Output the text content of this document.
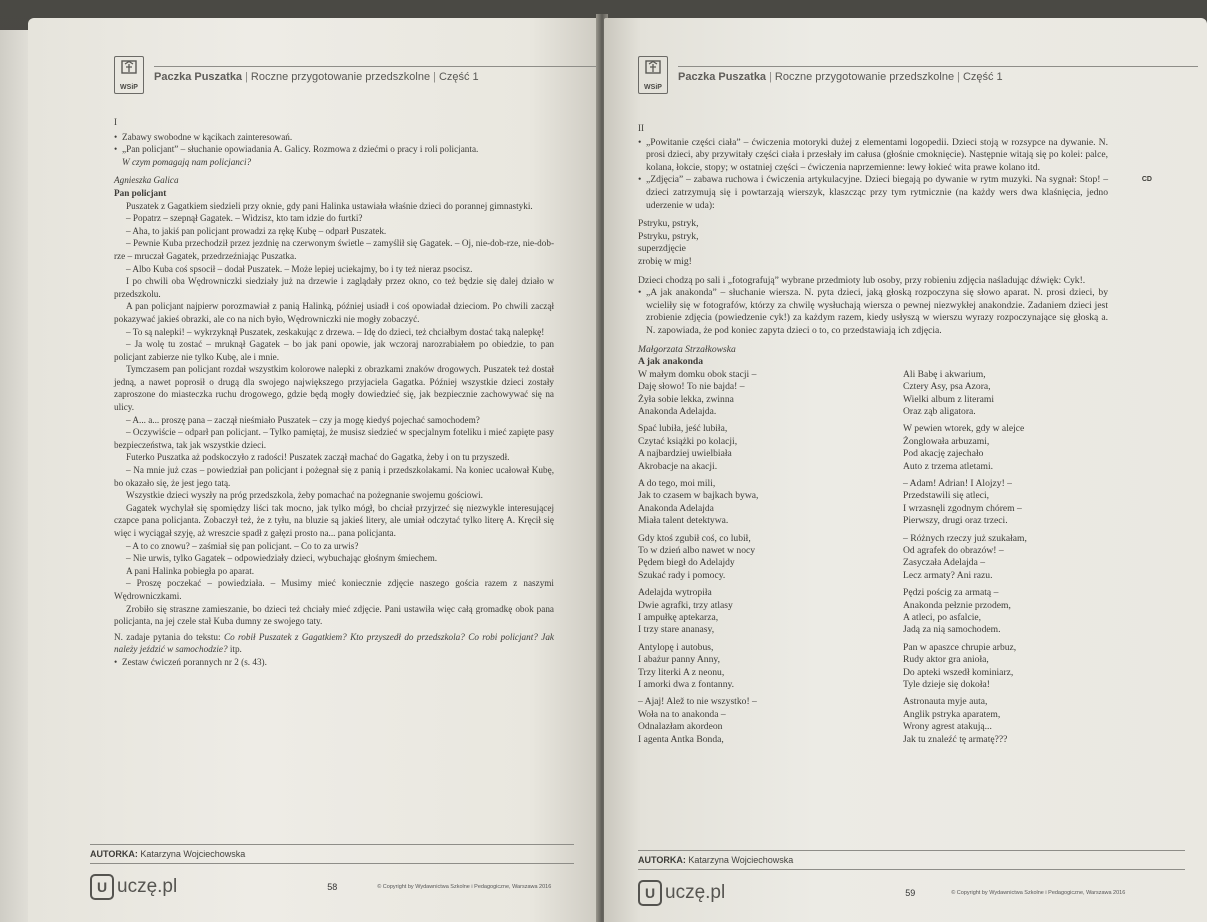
WSiP
Paczka Puszatka | Roczne przygotowanie przedszkolne | Część 1

I

• Zabawy swobodne w kącikach zainteresowań.

• „Pan policjant” – słuchanie opowiadania A. Galicy. Rozmowa z dziećmi o pracy i roli policjanta.

W czym pomagają nam policjanci?

Agnieszka Galica

Pan policjant

Puszatek z Gagatkiem siedzieli przy oknie, gdy pani Halinka ustawiała właśnie dzieci do porannej gimnastyki.

– Popatrz – szepnął Gagatek. – Widzisz, kto tam idzie do furtki?

– Aha, to jakiś pan policjant prowadzi za rękę Kubę – odparł Puszatek.

– Pewnie Kuba przechodził przez jezdnię na czerwonym świetle – zamyślił się Gagatek. – Oj, nie-dob-rze, nie-dob-rze – mruczał Gagatek, przedrzeźniając Puszatka.

– Albo Kuba coś spsocił – dodał Puszatek. – Może lepiej uciekajmy, bo i ty też nieraz psocisz.

I po chwili oba Wędrowniczki siedziały już na drzewie i zaglądały przez okno, co też będzie się dalej działo w przedszkolu.

A pan policjant najpierw porozmawiał z panią Halinką, później usiadł i coś opowiadał dzieciom. Po chwili zaczął pokazywać jakieś obrazki, ale co na nich było, Wędrowniczki nie mogły zobaczyć.

– To są nalepki! – wykrzyknął Puszatek, zeskakując z drzewa. – Idę do dzieci, też chciałbym dostać taką nalepkę!

– Ja wolę tu zostać – mruknął Gagatek – bo jak pani opowie, jak wczoraj narozrabiałem po obiedzie, to pan policjant zabierze nie tylko Kubę, ale i mnie.

Tymczasem pan policjant rozdał wszystkim kolorowe nalepki z obrazkami znaków drogowych. Puszatek też dostał jedną, a nawet poprosił o drugą dla swojego największego przyjaciela Gagatka. Później wszystkie dzieci zostały zaproszone do miasteczka ruchu drogowego, gdzie będą mogły dowiedzieć się, jak bezpiecznie zachowywać się na ulicy.

– A... a... proszę pana – zaczął nieśmiało Puszatek – czy ja mogę kiedyś pojechać samochodem?

– Oczywiście – odparł pan policjant. – Tylko pamiętaj, że musisz siedzieć w specjalnym foteliku i mieć zapięte pasy bezpieczeństwa, tak jak wszystkie dzieci.

Futerko Puszatka aż podskoczyło z radości! Puszatek zaczął machać do Gagatka, żeby i on tu przyszedł.

– Na mnie już czas – powiedział pan policjant i pożegnał się z panią i przedszkolakami. Na koniec ucałował Kubę, bo okazało się, że jest jego tatą.

Wszystkie dzieci wyszły na próg przedszkola, żeby pomachać na pożegnanie swojemu gościowi.

Gagatek wychylał się spomiędzy liści tak mocno, jak tylko mógł, bo chciał przyjrzeć się niezwykle interesującej czapce pana policjanta. Zobaczył też, że z tyłu, na bluzie są jakieś litery, ale umiał odczytać tylko literę A. Kręcił się więc i wyciągał szyję, aż wreszcie spadł z gałęzi prosto na... pana policjanta.

– A to co znowu? – zaśmiał się pan policjant. – Co to za urwis?

– Nie urwis, tylko Gagatek – odpowiedziały dzieci, wybuchając głośnym śmiechem.

A pani Halinka pobiegła po aparat.

– Proszę poczekać – powiedziała. – Musimy mieć koniecznie zdjęcie naszego gościa razem z naszymi Wędrowniczkami.

Zrobiło się straszne zamieszanie, bo dzieci też chciały mieć zdjęcie. Pani ustawiła więc całą gromadkę obok pana policjanta, na jej czele stał Kuba dumny ze swojego taty.

N. zadaje pytania do tekstu: Co robił Puszatek z Gagatkiem? Kto przyszedł do przedszkola? Co robi policjant? Jak należy jeździć w samochodzie? itp.

• Zestaw ćwiczeń porannych nr 2 (s. 43).

AUTORKA: Katarzyna Wojciechowska
U uczę.pl	58	© Copyright by Wydawnictwa Szkolne i Pedagogiczne, Warszawa 2016
WSiP
Paczka Puszatka | Roczne przygotowanie przedszkolne | Część 1

II

• „Powitanie części ciała” – ćwiczenia motoryki dużej z elementami logopedii. Dzieci stoją w rozsypce na dywanie. N. prosi dzieci, aby przywitały części ciała i przesłały im całusa (głośnie cmoknięcie). Następnie witają się po kolei: palce, kolana, łokcie, stopy; w ostatniej części – ćwiczenia naprzemienne: lewy łokieć wita prawe kolano itd.

• „Zdjęcia” – zabawa ruchowa i ćwiczenia artykulacyjne. Dzieci biegają po dywanie w rytm muzyki. Na sygnał: Stop! – dzieci zatrzymują się i powtarzają wierszyk, klaszcząc przy tym rytmicznie (na każdy wers dwa klaśnięcia, jedno uderzenie w uda):
CD

Pstryku, pstryk,
Pstryku, pstryk,
superzdjęcie
zrobię w mig!

Dzieci chodzą po sali i „fotografują” wybrane przedmioty lub osoby, przy robieniu zdjęcia naśladując dźwięk: Cyk!.

• „A jak anakonda” – słuchanie wiersza. N. pyta dzieci, jaką głoską rozpoczyna się słowo aparat. N. prosi dzieci, by wcieliły się w fotografów, którzy za chwilę wysłuchają wiersza o pewnej niezwykłej anakondzie. Zadaniem dzieci jest zrobienie zdjęcia (powiedzenie cyk!) za każdym razem, kiedy usłyszą w wierszu wyrazy rozpoczynające się głoską a. N. zapowiada, że pod koniec zapyta dzieci o to, co przedstawiają ich zdjęcia.

Małgorzata Strzałkowska

A jak anakonda

W małym domku obok stacji –
Daję słowo! To nie bajda! –
Żyła sobie lekka, zwinna
Anakonda Adelajda.
Spać lubiła, jeść lubiła,
Czytać książki po kolacji,
A najbardziej uwielbiała
Akrobacje na akacji.
A do tego, moi mili,
Jak to czasem w bajkach bywa,
Anakonda Adelajda
Miała talent detektywa.
Gdy ktoś zgubił coś, co lubił,
To w dzień albo nawet w nocy
Pędem biegł do Adelajdy
Szukać rady i pomocy.
Adelajda wytropiła
Dwie agrafki, trzy atlasy
I ampułkę aptekarza,
I trzy stare ananasy,
Antylopę i autobus,
I abażur panny Anny,
Trzy literki A z neonu,
I amorki dwa z fontanny.
– Ajaj! Alež to nie wszystko! –
Woła na to anakonda –
Odnalazłam akordeon
I agenta Antka Bonda,
Ali Babę i akwarium,
Cztery Asy, psa Azora,
Wielki album z literami
Oraz ząb aligatora.
W pewien wtorek, gdy w alejce
Żonglowała arbuzami,
Pod akację zajechało
Auto z trzema atletami.
– Adam! Adrian! I Alojzy! –
Przedstawili się atleci,
I wrzasnęli zgodnym chórem –
Pierwszy, drugi oraz trzeci.
– Różnych rzeczy już szukałam,
Od agrafek do obrazów! –
Zasyczała Adelajda –
Lecz armaty? Ani razu.
Pędzi pościg za armatą –
Anakonda pełznie przodem,
A atleci, po asfalcie,
Jadą za nią samochodem.
Pan w apaszce chrupie arbuz,
Rudy aktor gra anioła,
Do apteki wszedł kominiarz,
Tyle dzieje się dokoła!
Astronauta myje auta,
Anglik pstryka aparatem,
Wrony agrest atakują...
Jak tu znaleźć tę armatę???
AUTORKA: Katarzyna Wojciechowska
U uczę.pl	59	© Copyright by Wydawnictwa Szkolne i Pedagogiczne, Warszawa 2016
